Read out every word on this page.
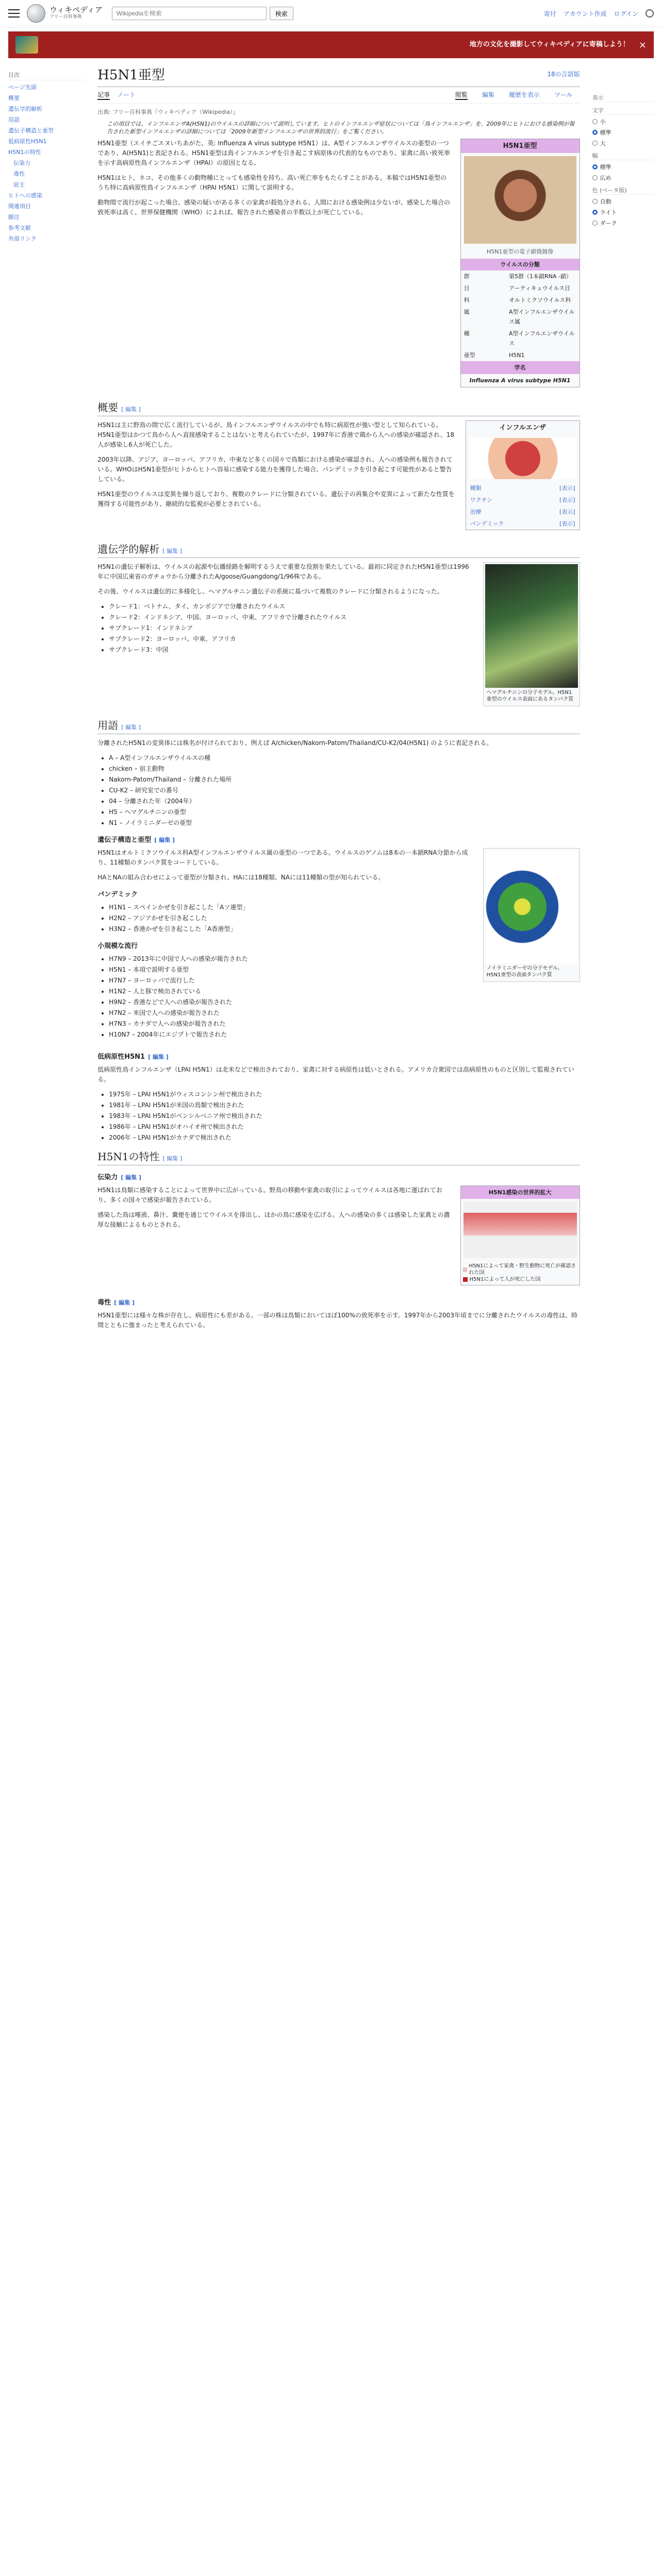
ウィキペディア
フリー百科事典
Wikipediaを検索	検索	寄付 アカウント作成 ログイン
地方の文化を撮影してウィキペディアに寄稿しよう！ ×
目次
ページ先頭
概要
遺伝学的解析
用語
遺伝子構造と亜型
低病原性H5N1
H5N1の特性
伝染力
毒性
宿主
ヒトへの感染
関連項目
脚注
参考文献
外部リンク
H5N1亜型	18の言語版
記事 ノート	閲覧 編集 履歴を表示 ツール
出典: フリー百科事典『ウィキペディア（Wikipedia）』
この項目では、インフルエンザA(H5N1)のウイルスの詳細について説明しています。ヒトのインフルエンザ症状については「鳥インフルエンザ」を、2009年にヒトにおける感染例が報告された新型インフルエンザの詳細については「2009年新型インフルエンザの世界的流行」をご覧ください。
H5N1亜型
H5N1亜型の電子顕微鏡像
ウイルスの分類
群	第5群（1本鎖RNA -鎖）
目	アーティキュウイルス目
科	オルトミクソウイルス科
属	A型インフルエンザウイルス属
種	A型インフルエンザウイルス
亜型	H5N1
学名
Influenza A virus subtype H5N1

H5N1亜型（エイチごエヌいちあがた、英: Influenza A virus subtype H5N1）は、A型インフルエンザウイルスの亜型の一つであり、A(H5N1)と表記される。H5N1亜型は鳥インフルエンザを引き起こす病原体の代表的なものであり、家禽に高い致死率を示す高病原性鳥インフルエンザ（HPAI）の原因となる。

H5N1はヒト、ネコ、その他多くの動物種にとっても感染性を持ち、高い死亡率をもたらすことがある。本稿ではH5N1亜型のうち特に高病原性鳥インフルエンザ（HPAI H5N1）に関して説明する。

動物間で流行が起こった場合、感染の疑いがある多くの家禽が殺処分される。人間における感染例は少ないが、感染した場合の致死率は高く、世界保健機関（WHO）によれば、報告された感染者の半数以上が死亡している。

概要 [ 編集 ]
インフルエンザ
種類	[表示]
ワクチン	[表示]
治療	[表示]
パンデミック	[表示]

H5N1は主に野鳥の間で広く流行しているが、鳥インフルエンザウイルスの中でも特に病原性が強い型として知られている。H5N1亜型はかつて鳥から人へ直接感染することはないと考えられていたが、1997年に香港で鶏から人への感染が確認され、18人が感染し6人が死亡した。

2003年以降、アジア、ヨーロッパ、アフリカ、中東など多くの国々で鳥類における感染が確認され、人への感染例も報告されている。WHOはH5N1亜型がヒトからヒトへ容易に感染する能力を獲得した場合、パンデミックを引き起こす可能性があると警告している。

H5N1亜型のウイルスは変異を繰り返しており、複数のクレードに分類されている。遺伝子の再集合や変異によって新たな性質を獲得する可能性があり、継続的な監視が必要とされている。

遺伝学的解析 [ 編集 ]
ヘマグルチニンの分子モデル。H5N1亜型のウイルス表面にあるタンパク質

H5N1の遺伝子解析は、ウイルスの起源や伝播経路を解明するうえで重要な役割を果たしている。最初に同定されたH5N1亜型は1996年に中国広東省のガチョウから分離されたA/goose/Guangdong/1/96株である。

その後、ウイルスは遺伝的に多様化し、ヘマグルチニン遺伝子の系統に基づいて複数のクレードに分類されるようになった。

• クレード1：ベトナム、タイ、カンボジアで分離されたウイルス
• クレード2：インドネシア、中国、ヨーロッパ、中東、アフリカで分離されたウイルス
• サブクレード1：インドネシア
• サブクレード2：ヨーロッパ、中東、アフリカ
• サブクレード3：中国
用語 [ 編集 ]

分離されたH5N1の変異体には株名が付けられており、例えば A/chicken/Nakorn-Patom/Thailand/CU-K2/04(H5N1) のように表記される。

• A – A型インフルエンザウイルスの種
• chicken – 宿主動物
• Nakorn-Patom/Thailand – 分離された場所
• CU-K2 – 研究室での番号
• 04 – 分離された年（2004年）
• H5 – ヘマグルチニンの亜型
• N1 – ノイラミニダーゼの亜型
遺伝子構造と亜型 [ 編集 ]
ノイラミニダーゼの分子モデル。H5N1亜型の表面タンパク質

H5N1はオルトミクソウイルス科A型インフルエンザウイルス属の亜型の一つである。ウイルスのゲノムは8本の一本鎖RNA分節から成り、11種類のタンパク質をコードしている。

HAとNAの組み合わせによって亜型が分類され、HAには18種類、NAには11種類の型が知られている。

パンデミック
• H1N1 – スペインかぜを引き起こした「Aソ連型」
• H2N2 – アジアかぜを引き起こした
• H3N2 – 香港かぜを引き起こした「A香港型」
小規模な流行
• H7N9 – 2013年に中国で人への感染が報告された
• H5N1 – 本項で説明する亜型
• H7N7 – ヨーロッパで流行した
• H1N2 – 人と豚で検出されている
• H9N2 – 香港などで人への感染が報告された
• H7N2 – 米国で人への感染が報告された
• H7N3 – カナダで人への感染が報告された
• H10N7 – 2004年にエジプトで報告された
低病原性H5N1 [ 編集 ]

低病原性鳥インフルエンザ（LPAI H5N1）は北米などで検出されており、家禽に対する病原性は低いとされる。アメリカ合衆国では高病原性のものと区別して監視されている。

• 1975年 – LPAI H5N1がウィスコンシン州で検出された
• 1981年 – LPAI H5N1が米国の鳥類で検出された
• 1983年 – LPAI H5N1がペンシルベニア州で検出された
• 1986年 – LPAI H5N1がオハイオ州で検出された
• 2006年 – LPAI H5N1がカナダで検出された
H5N1の特性 [ 編集 ]
伝染力 [ 編集 ]
H5N1感染の世界的拡大
H5N1によって家禽・野生動物に死亡が確認された国
H5N1によって人が死亡した国

H5N1は鳥類に感染することによって世界中に広がっている。野鳥の移動や家禽の取引によってウイルスは各地に運ばれており、多くの国々で感染が報告されている。

感染した鳥は唾液、鼻汁、糞便を通じてウイルスを排出し、ほかの鳥に感染を広げる。人への感染の多くは感染した家禽との濃厚な接触によるものとされる。

毒性 [ 編集 ]

H5N1亜型には様々な株が存在し、病原性にも差がある。一部の株は鳥類においてほぼ100%の致死率を示す。1997年から2003年頃までに分離されたウイルスの毒性は、時間とともに強まったと考えられている。

表示
文字
小
標準
大
幅
標準
広め
色 (ベータ版)
自動
ライト
ダーク
